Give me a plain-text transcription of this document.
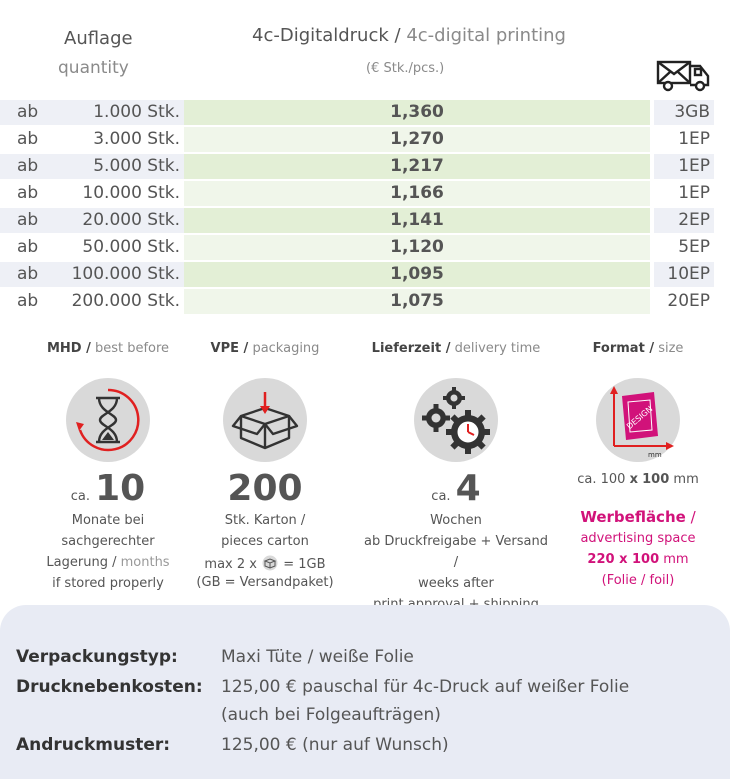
Auflage
quantity
4c-Digitaldruck / 4c-digital printing
(€ Stk./pcs.)
ab	1.000 Stk.	1,360	3GB
ab	3.000 Stk.	1,270	1EP
ab	5.000 Stk.	1,217	1EP
ab	10.000 Stk.	1,166	1EP
ab	20.000 Stk.	1,141	2EP
ab	50.000 Stk.	1,120	5EP
ab	100.000 Stk.	1,095	10EP
ab	200.000 Stk.	1,075	20EP
MHD / best before
ca. 10
Monate bei
sachgerechter
Lagerung / months
if stored properly
VPE / packaging
200
Stk. Karton /
pieces carton
max 2 x = 1GB
(GB = Versandpaket)
Lieferzeit / delivery time
ca. 4
Wochen
ab Druckfreigabe + Versand /
weeks after
Format / size
DESIGN
mm
ca. 100 x 100 mm
Werbefläche /
advertising space
220 x 100 mm
(Folie / foil)
Verpackungstyp:	Maxi Tüte / weiße Folie
Drucknebenkosten: 125,00 € pauschal für 4c-Druck auf weißer Folie
(auch bei Folgeaufträgen)
Andruckmuster:	125,00 € (nur auf Wunsch)
